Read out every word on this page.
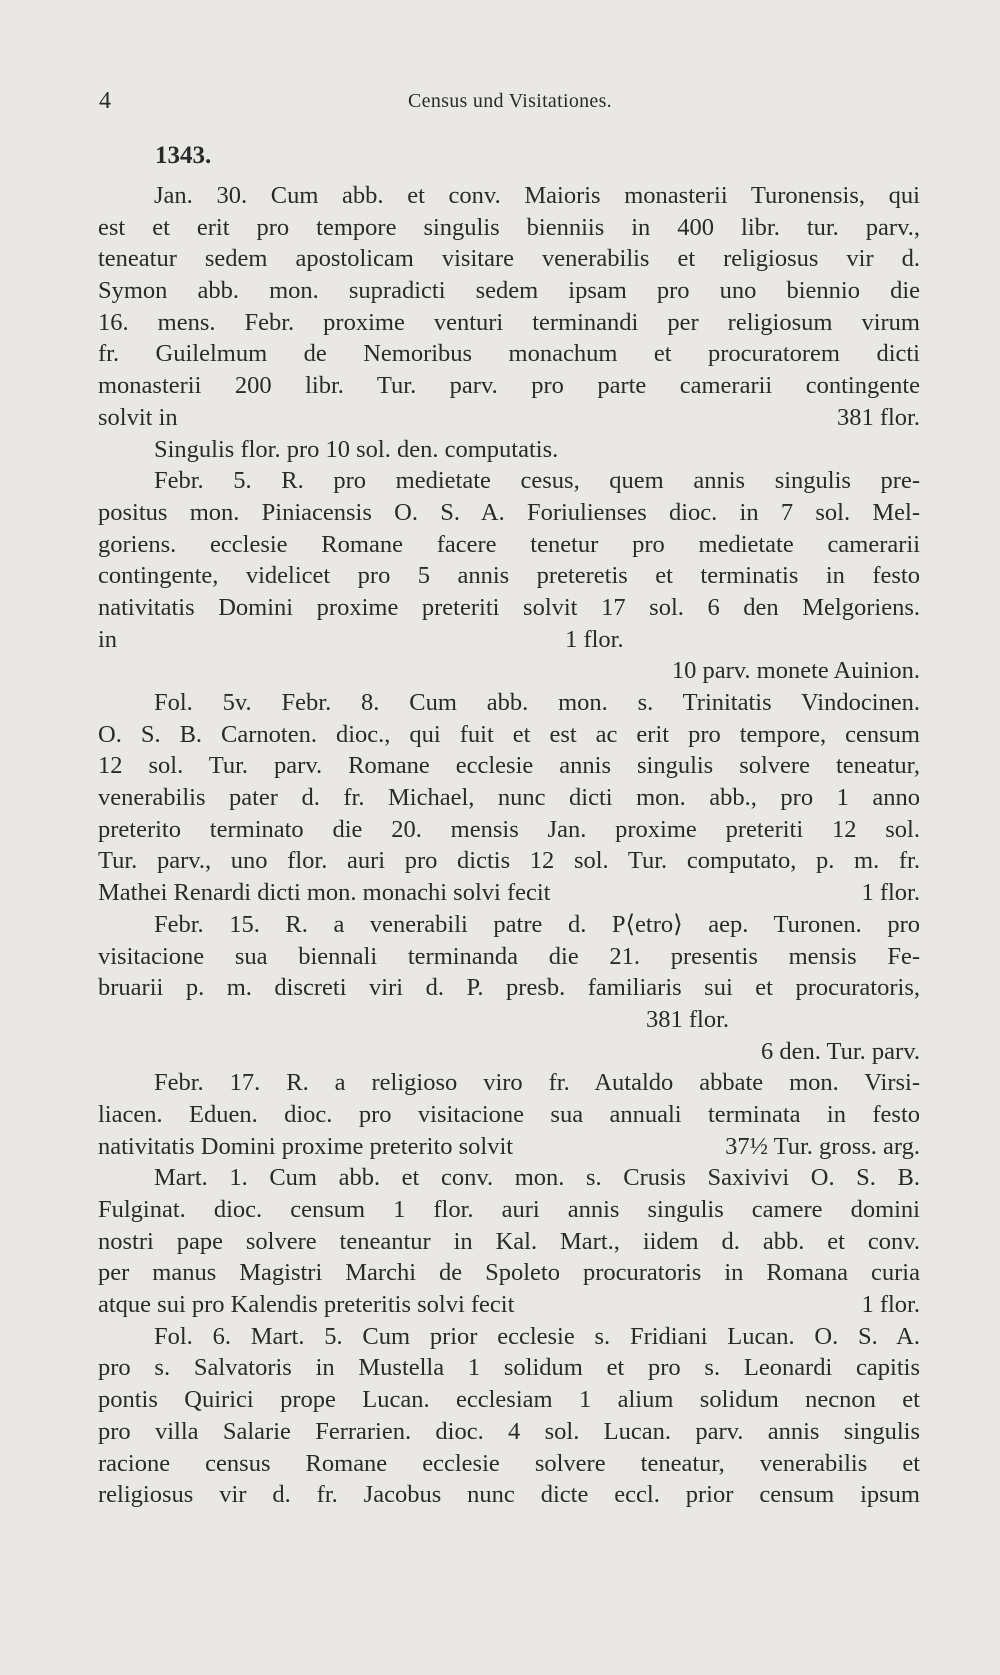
4	Census und Visitationes.
1343.
Jan. 30. Cum abb. et conv. Maioris monasterii Turonensis, qui
est et erit pro tempore singulis bienniis in 400 libr. tur. parv.,
teneatur sedem apostolicam visitare venerabilis et religiosus vir d.
Symon abb. mon. supradicti sedem ipsam pro uno biennio die
16. mens. Febr. proxime venturi terminandi per religiosum virum
fr. Guilelmum de Nemoribus monachum et procuratorem dicti
monasterii 200 libr. Tur. parv. pro parte camerarii contingente
solvit in	381 flor.
Singulis flor. pro 10 sol. den. computatis.
Febr. 5. R. pro medietate cesus, quem annis singulis pre-
positus mon. Piniacensis O. S. A. Foriulienses dioc. in 7 sol. Mel-
goriens. ecclesie Romane facere tenetur pro medietate camerarii
contingente, videlicet pro 5 annis preteretis et terminatis in festo
nativitatis Domini proxime preteriti solvit 17 sol. 6 den Melgoriens.
in	1 flor.
10 parv. monete Auinion.
Fol. 5v. Febr. 8. Cum abb. mon. s. Trinitatis Vindocinen.
O. S. B. Carnoten. dioc., qui fuit et est ac erit pro tempore, censum
12 sol. Tur. parv. Romane ecclesie annis singulis solvere teneatur,
venerabilis pater d. fr. Michael, nunc dicti mon. abb., pro 1 anno
preterito terminato die 20. mensis Jan. proxime preteriti 12 sol.
Tur. parv., uno flor. auri pro dictis 12 sol. Tur. computato, p. m. fr.
Mathei Renardi dicti mon. monachi solvi fecit	1 flor.
Febr. 15. R. a venerabili patre d. P⟨etro⟩ aep. Turonen. pro
visitacione sua biennali terminanda die 21. presentis mensis Fe-
bruarii p. m. discreti viri d. P. presb. familiaris sui et procuratoris,
381 flor.
6 den. Tur. parv.
Febr. 17. R. a religioso viro fr. Autaldo abbate mon. Virsi-
liacen. Eduen. dioc. pro visitacione sua annuali terminata in festo
nativitatis Domini proxime preterito solvit	37½ Tur. gross. arg.
Mart. 1. Cum abb. et conv. mon. s. Crusis Saxivivi O. S. B.
Fulginat. dioc. censum 1 flor. auri annis singulis camere domini
nostri pape solvere teneantur in Kal. Mart., iidem d. abb. et conv.
per manus Magistri Marchi de Spoleto procuratoris in Romana curia
atque sui pro Kalendis preteritis solvi fecit	1 flor.
Fol. 6. Mart. 5. Cum prior ecclesie s. Fridiani Lucan. O. S. A.
pro s. Salvatoris in Mustella 1 solidum et pro s. Leonardi capitis
pontis Quirici prope Lucan. ecclesiam 1 alium solidum necnon et
pro villa Salarie Ferrarien. dioc. 4 sol. Lucan. parv. annis singulis
racione census Romane ecclesie solvere teneatur, venerabilis et
religiosus vir d. fr. Jacobus nunc dicte eccl. prior censum ipsum
